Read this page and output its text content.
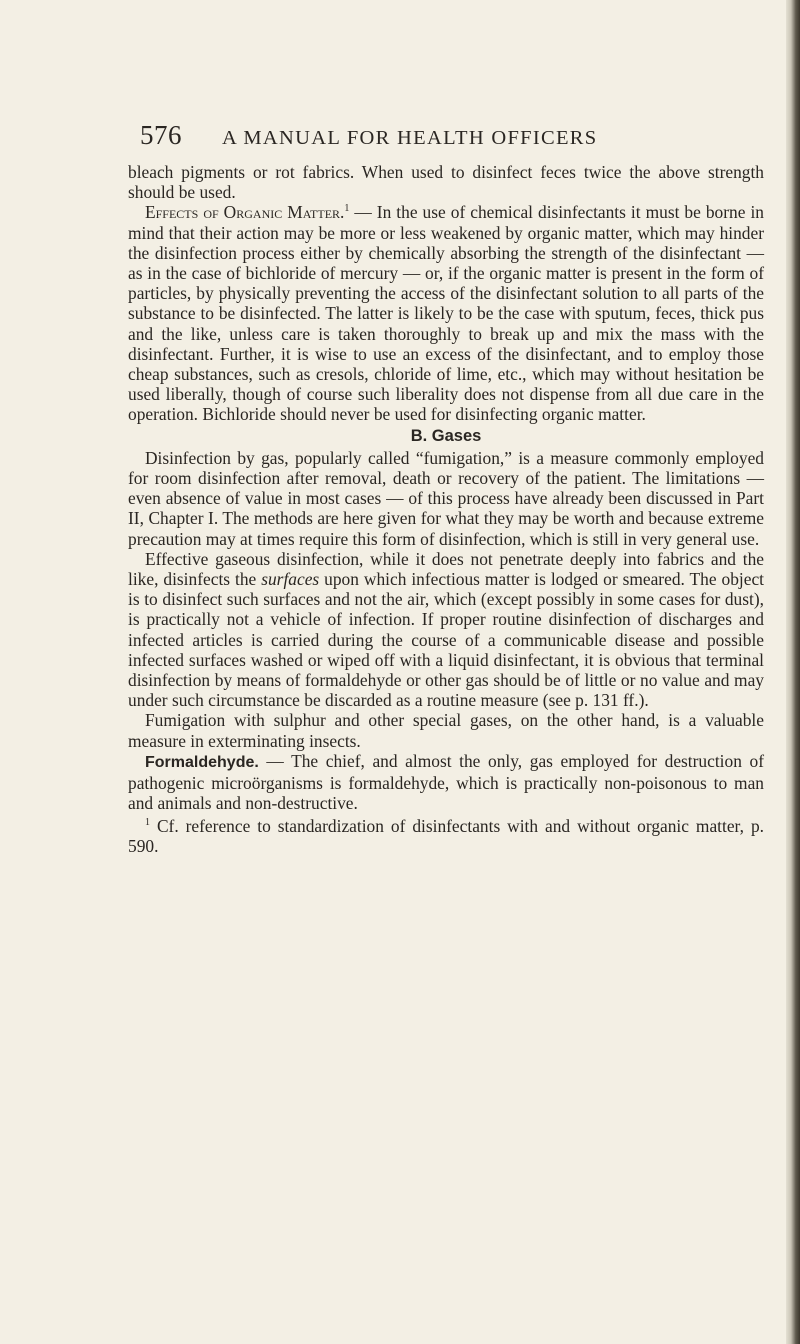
576 A MANUAL FOR HEALTH OFFICERS

bleach pigments or rot fabrics. When used to disinfect feces twice the above strength should be used.

Effects of Organic Matter.$^1$ — In the use of chemical disinfectants it must be borne in mind that their action may be more or less weakened by organic matter, which may hinder the disinfection process either by chemically absorbing the strength of the disinfectant — as in the case of bichloride of mercury — or, if the organic matter is present in the form of particles, by physically preventing the access of the disinfectant solution to all parts of the substance to be disinfected. The latter is likely to be the case with sputum, feces, thick pus and the like, unless care is taken thoroughly to break up and mix the mass with the disinfectant. Further, it is wise to use an excess of the disinfectant, and to employ those cheap substances, such as cresols, chloride of lime, etc., which may without hesitation be used liberally, though of course such liberality does not dispense from all due care in the operation. Bichloride should never be used for disinfecting organic matter.

B. Gases

Disinfection by gas, popularly called “fumigation,” is a measure commonly employed for room disinfection after removal, death or recovery of the patient. The limitations — even absence of value in most cases — of this process have already been discussed in Part II, Chapter I. The methods are here given for what they may be worth and because extreme precaution may at times require this form of disinfection, which is still in very general use.

Effective gaseous disinfection, while it does not penetrate deeply into fabrics and the like, disinfects the surfaces upon which infectious matter is lodged or smeared. The object is to disinfect such surfaces and not the air, which (except possibly in some cases for dust), is practically not a vehicle of infection. If proper routine disinfection of discharges and infected articles is carried during the course of a communicable disease and possible infected surfaces washed or wiped off with a liquid disinfectant, it is obvious that terminal disinfection by means of formaldehyde or other gas should be of little or no value and may under such circumstance be discarded as a routine measure (see p. 131 ff.).

Fumigation with sulphur and other special gases, on the other hand, is a valuable measure in exterminating insects.

Formaldehyde. — The chief, and almost the only, gas employed for destruction of pathogenic microörganisms is formaldehyde, which is practically non-poisonous to man and animals and non-destructive.

$^1$ Cf. reference to standardization of disinfectants with and without organic matter, p. 590.
